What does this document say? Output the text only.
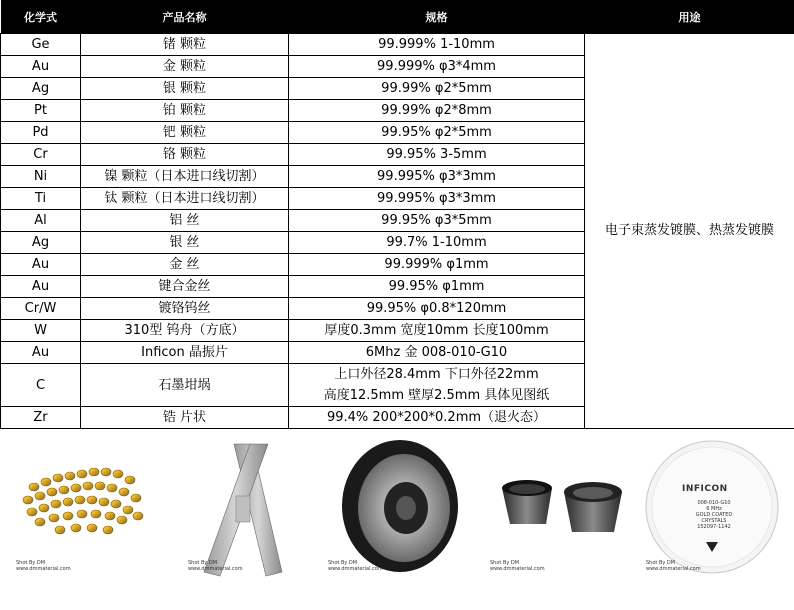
化学式	产品名称	规格	用途
Ge	锗 颗粒	99.999% 1-10mm	电子束蒸发镀膜、热蒸发镀膜
Au	金 颗粒	99.999% φ3*4mm	
Ag	银 颗粒	99.99% φ2*5mm	
Pt	铂 颗粒	99.99% φ2*8mm	
Pd	钯 颗粒	99.95% φ2*5mm	
Cr	铬 颗粒	99.95% 3-5mm	
Ni	镍 颗粒（日本进口线切割）	99.995% φ3*3mm	
Ti	钛 颗粒（日本进口线切割）	99.995% φ3*3mm	
Al	铝 丝	99.95% φ3*5mm	
Ag	银 丝	99.7% 1-10mm	
Au	金 丝	99.999% φ1mm	
Au	键合金丝	99.95% φ1mm	
Cr/W	镀铬钨丝	99.95% φ0.8*120mm	
W	310型 钨舟（方底）	厚度0.3mm 宽度10mm 长度100mm	
Au	Inficon 晶振片	6Mhz 金 008-010-G10	
C	石墨坩埚	上口外径28.4mm 下口外径22mm
高度12.5mm 壁厚2.5mm 具体见图纸	

Zr	锆 片状	99.4% 200*200*0.2mm（退火态）	
Shot By DM
www.dmmaterial.com
Shot By DM
www.dmmaterial.com
Shot By DM
www.dmmaterial.com
Shot By DM
www.dmmaterial.com
INFICON
008-010-G10
6 MHz
GOLD COATED CRYSTALS
152097-1142
Shot By DM
www.dmmaterial.com
